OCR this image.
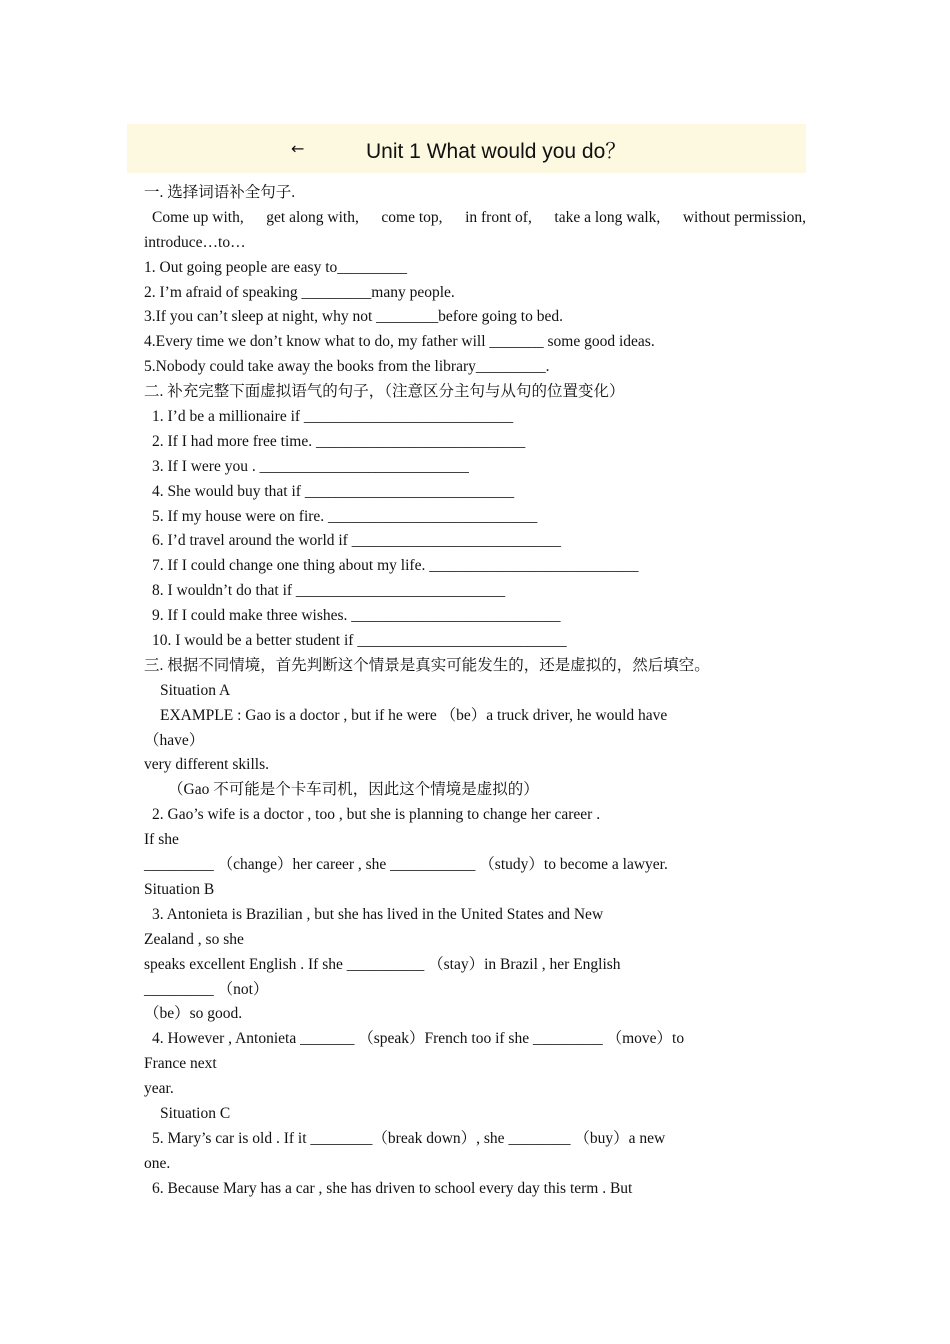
←	Unit 1 What would you do？
一. 选择词语补全句子.
Come up with, get along with, come top, in front of, take a long walk, without permission,
introduce…to…
1. Out going people are easy to_________
2. I’m afraid of speaking _________many people.
3.If you can’t sleep at night, why not ________before going to bed.
4.Every time we don’t know what to do, my father will _______ some good ideas.
5.Nobody could take away the books from the library_________.
二. 补充完整下面虚拟语气的句子，（注意区分主句与从句的位置变化）
1. I’d be a millionaire if ___________________________
2. If I had more free time. ___________________________
3. If I were you . ___________________________
4. She would buy that if ___________________________
5. If my house were on fire. ___________________________
6. I’d travel around the world if ___________________________
7. If I could change one thing about my life. ___________________________
8. I wouldn’t do that if ___________________________
9. If I could make three wishes. ___________________________
10. I would be a better student if ___________________________
三. 根据不同情境，首先判断这个情景是真实可能发生的，还是虚拟的，然后填空。
Situation A
EXAMPLE : Gao is a doctor , but if he were （be）a truck driver, he would have
（have）
very different skills.
（Gao 不可能是个卡车司机，因此这个情境是虚拟的）
2. Gao’s wife is a doctor , too , but she is planning to change her career .
If she
_________ （change）her career , she ___________ （study）to become a lawyer.
Situation B
3. Antonieta is Brazilian , but she has lived in the United States and New
Zealand , so she
speaks excellent English . If she __________ （stay）in Brazil , her English
_________ （not）
（be）so good.
4. However , Antonieta _______ （speak）French too if she _________ （move）to
France next
year.
Situation C
5. Mary’s car is old . If it ________（break down）, she ________ （buy）a new
one.
6. Because Mary has a car , she has driven to school every day this term . But
